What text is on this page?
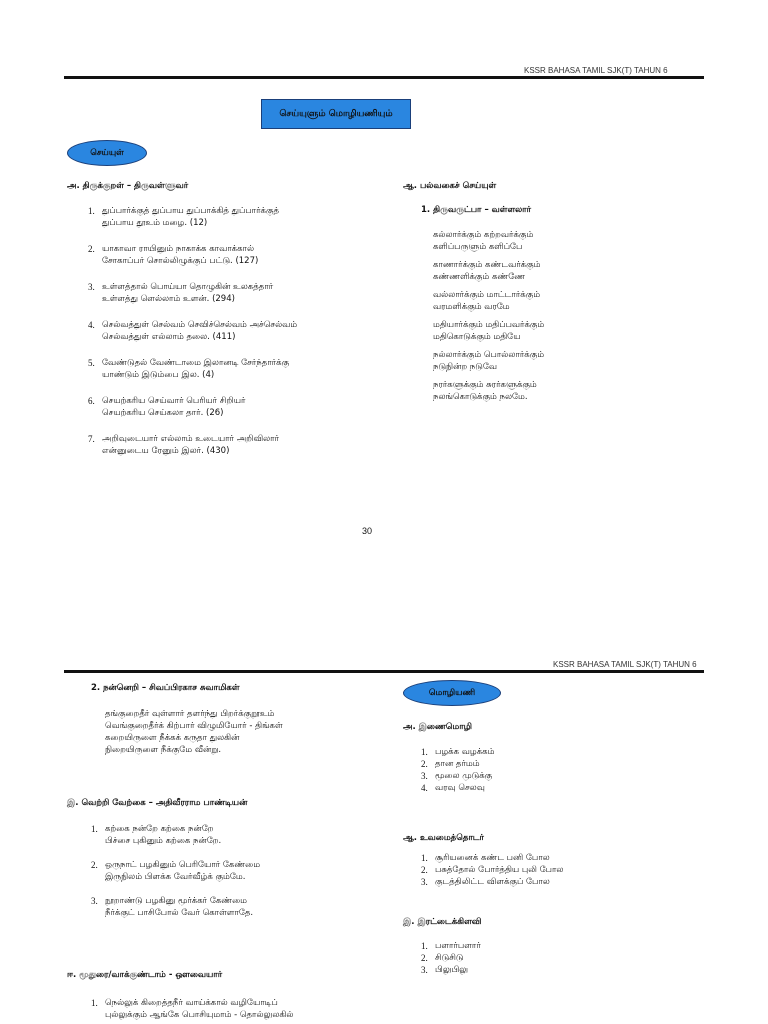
KSSR BAHASA TAMIL SJK(T) TAHUN 6
செய்யுளும் மொழியணியும்
செய்யுள்
அ. திருக்குறள் – திருவள்ளுவர்
1. துப்பார்க்குத் துப்பாய துப்பாக்கித் துப்பார்க்குத்
துப்பாய தூஉம் மழை. (12)
2. யாகாவா ராயினும் நாகாக்க காவாக்கால்
சோகாப்பர் சொல்லிழுக்குப் பட்டு. (127)
3. உள்ளத்தால் பொய்யா தொழுகின் உலகத்தார்
உள்ளத்து ளெல்லாம் உளன். (294)
4. செல்வத்துள் செல்வம் செவிச்செல்வம் அச்செல்வம்
செல்வத்துள் எல்லாம் தலை. (411)
5. வேண்டுதல் வேண்டாமை இலானடி சேர்ந்தார்க்கு
யாண்டும் இடும்பை இல. (4)
6. செயற்கரிய செய்வார் பெரியர் சிறியர்
செயற்கரிய செய்கலா தார். (26)
7. அறிவுடையார் எல்லாம் உடையார் அறிவிலார்
என்னுடைய ரேனும் இலர். (430)
ஆ. பல்வகைச் செய்யுள்
1. திருவருட்பா – வள்ளலார்
கல்லார்க்கும் கற்றவர்க்கும்
களிப்பருளும் களிப்பே
காணார்க்கும் கண்டவர்க்கும்
கண்ணளிக்கும் கண்ணே
வல்லார்க்கும் மாட்டார்க்கும்
வரமளிக்கும் வரமே
மதியார்க்கும் மதிப்பவர்க்கும்
மதிகொடுக்கும் மதியே
நல்லார்க்கும் பொல்லார்க்கும்
நடுநின்ற நடுவே
நரர்களுக்கும் சுரர்களுக்கும்
நலங்கொடுக்கும் நலமே.
30
KSSR BAHASA TAMIL SJK(T) TAHUN 6
2. நன்னெறி – சிவப்பிரகாச சுவாமிகள்
தங்குறைதீர் வுள்ளார் தளர்ந்து பிறர்க்குறூஉம்
வெங்குறைதீர்க் கிற்பார் விழுமியோர் - திங்கள்
கறையிருளை நீக்கக் கருதா துலகின்
நிறையிருளை நீக்குமே வீன்று.
இ. வெற்றி வேற்கை – அதிவீரராம பாண்டியன்
1. கற்கை நன்றே கற்கை நன்றே
பிச்சை புகினும் கற்கை நன்றே.
2. ஒருநாட் பழகினும் பெரியோர் கேண்மை
இருநிலம் பிளக்க வேர்வீழ்க் கும்மே.
3. நூறாண்டு பழகினு மூர்க்கர் கேண்மை
நீர்க்குட் பாசிபோல் வேர் கொள்ளாதே.
ஈ. மூதுரை/வாக்குண்டாம் - ஔவையார்
1. நெல்லுக் கிறைத்தநீர் வாய்க்கால் வழியோடிப்
புல்லுக்கும் ஆங்கே பொசியுமாம் - தொல்லுலகில்
மொழியணி
அ. இணைமொழி
1. பழக்க வழக்கம்
2. தான தர்மம்
3. மூலை முடுக்கு
4. வரவு செலவு
ஆ. உவமைத்தொடர்
1. சூரியனைக் கண்ட பனி போல
2. பசுத்தோல் போர்த்திய புலி போல
3. குடத்திலிட்ட விளக்குப் போல
இ. இரட்டைக்கிளவி
1. பளார்பளார்
2. சிடுசிடு
3. பிலுபிலு
